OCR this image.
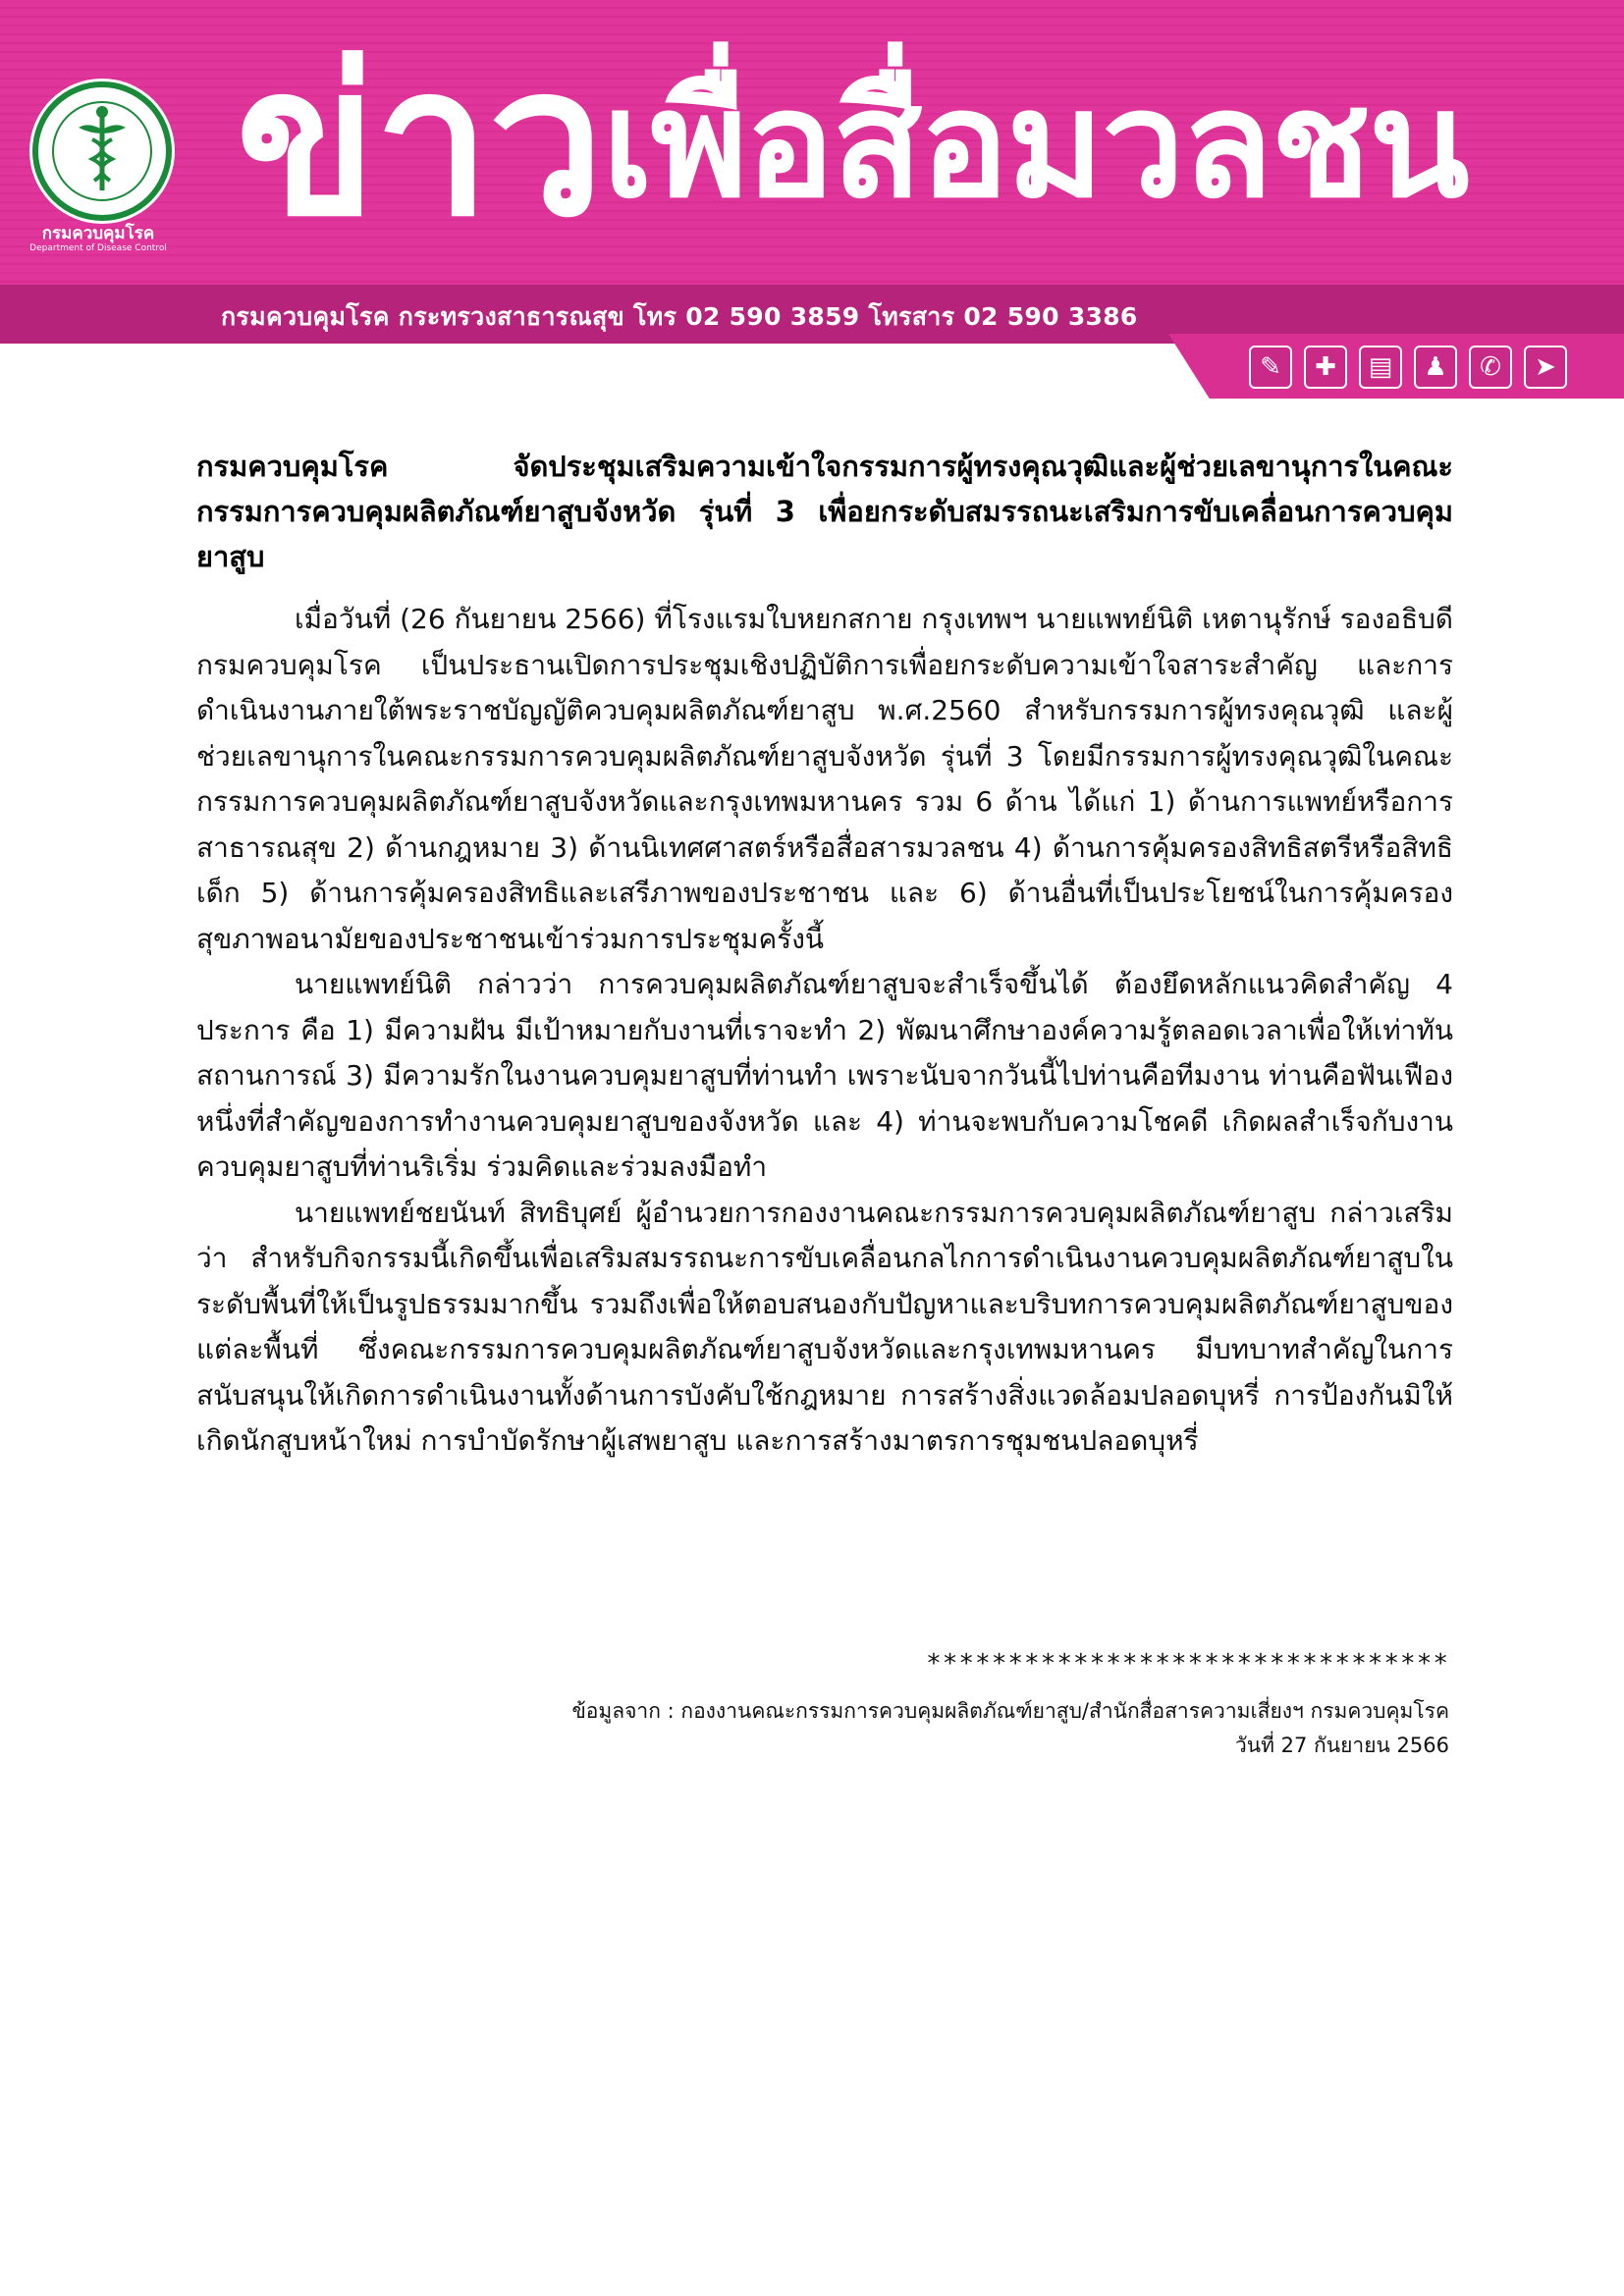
กรมควบคุมโรค
Department of Disease Control ข่าวเพื่อสื่อมวลชน
กรมควบคุมโรค กระทรวงสาธารณสุข โทร 02 590 3859 โทรสาร 02 590 3386
✎	✚	▤	♟	✆	➤
กรมควบคุมโรค จัดประชุมเสริมความเข้าใจกรรมการผู้ทรงคุณวุฒิและผู้ช่วยเลขานุการในคณะกรรมการควบคุมผลิตภัณฑ์ยาสูบจังหวัด รุ่นที่ 3 เพื่อยกระดับสมรรถนะเสริมการขับเคลื่อนการควบคุมยาสูบ

เมื่อวันที่ (26 กันยายน 2566) ที่โรงแรมใบหยกสกาย กรุงเทพฯ นายแพทย์นิติ เหตานุรักษ์ รองอธิบดีกรมควบคุมโรค เป็นประธานเปิดการประชุมเชิงปฏิบัติการเพื่อยกระดับความเข้าใจสาระสำคัญ และการดำเนินงานภายใต้พระราชบัญญัติควบคุมผลิตภัณฑ์ยาสูบ พ.ศ.2560 สำหรับกรรมการผู้ทรงคุณวุฒิ และผู้ช่วยเลขานุการในคณะกรรมการควบคุมผลิตภัณฑ์ยาสูบจังหวัด รุ่นที่ 3 โดยมีกรรมการผู้ทรงคุณวุฒิในคณะกรรมการควบคุมผลิตภัณฑ์ยาสูบจังหวัดและกรุงเทพมหานคร รวม 6 ด้าน ได้แก่ 1) ด้านการแพทย์หรือการสาธารณสุข 2) ด้านกฎหมาย 3) ด้านนิเทศศาสตร์หรือสื่อสารมวลชน 4) ด้านการคุ้มครองสิทธิสตรีหรือสิทธิเด็ก 5) ด้านการคุ้มครองสิทธิและเสรีภาพของประชาชน และ 6) ด้านอื่นที่เป็นประโยชน์ในการคุ้มครองสุขภาพอนามัยของประชาชนเข้าร่วมการประชุมครั้งนี้

นายแพทย์นิติ กล่าวว่า การควบคุมผลิตภัณฑ์ยาสูบจะสำเร็จขึ้นได้ ต้องยึดหลักแนวคิดสำคัญ 4 ประการ คือ 1) มีความฝัน มีเป้าหมายกับงานที่เราจะทำ 2) พัฒนาศึกษาองค์ความรู้ตลอดเวลาเพื่อให้เท่าทันสถานการณ์ 3) มีความรักในงานควบคุมยาสูบที่ท่านทำ เพราะนับจากวันนี้ไปท่านคือทีมงาน ท่านคือฟันเฟืองหนึ่งที่สำคัญของการทำงานควบคุมยาสูบของจังหวัด และ 4) ท่านจะพบกับความโชคดี เกิดผลสำเร็จกับงานควบคุมยาสูบที่ท่านริเริ่ม ร่วมคิดและร่วมลงมือทำ

นายแพทย์ชยนันท์ สิทธิบุศย์ ผู้อำนวยการกองงานคณะกรรมการควบคุมผลิตภัณฑ์ยาสูบ กล่าวเสริมว่า สำหรับกิจกรรมนี้เกิดขึ้นเพื่อเสริมสมรรถนะการขับเคลื่อนกลไกการดำเนินงานควบคุมผลิตภัณฑ์ยาสูบในระดับพื้นที่ให้เป็นรูปธรรมมากขึ้น รวมถึงเพื่อให้ตอบสนองกับปัญหาและบริบทการควบคุมผลิตภัณฑ์ยาสูบของแต่ละพื้นที่ ซึ่งคณะกรรมการควบคุมผลิตภัณฑ์ยาสูบจังหวัดและกรุงเทพมหานคร มีบทบาทสำคัญในการสนับสนุนให้เกิดการดำเนินงานทั้งด้านการบังคับใช้กฎหมาย การสร้างสิ่งแวดล้อมปลอดบุหรี่ การป้องกันมิให้เกิดนักสูบหน้าใหม่ การบำบัดรักษาผู้เสพยาสูบ และการสร้างมาตรการชุมชนปลอดบุหรี่

********************************
ข้อมูลจาก : กองงานคณะกรรมการควบคุมผลิตภัณฑ์ยาสูบ/สำนักสื่อสารความเสี่ยงฯ กรมควบคุมโรค
วันที่ 27 กันยายน 2566
